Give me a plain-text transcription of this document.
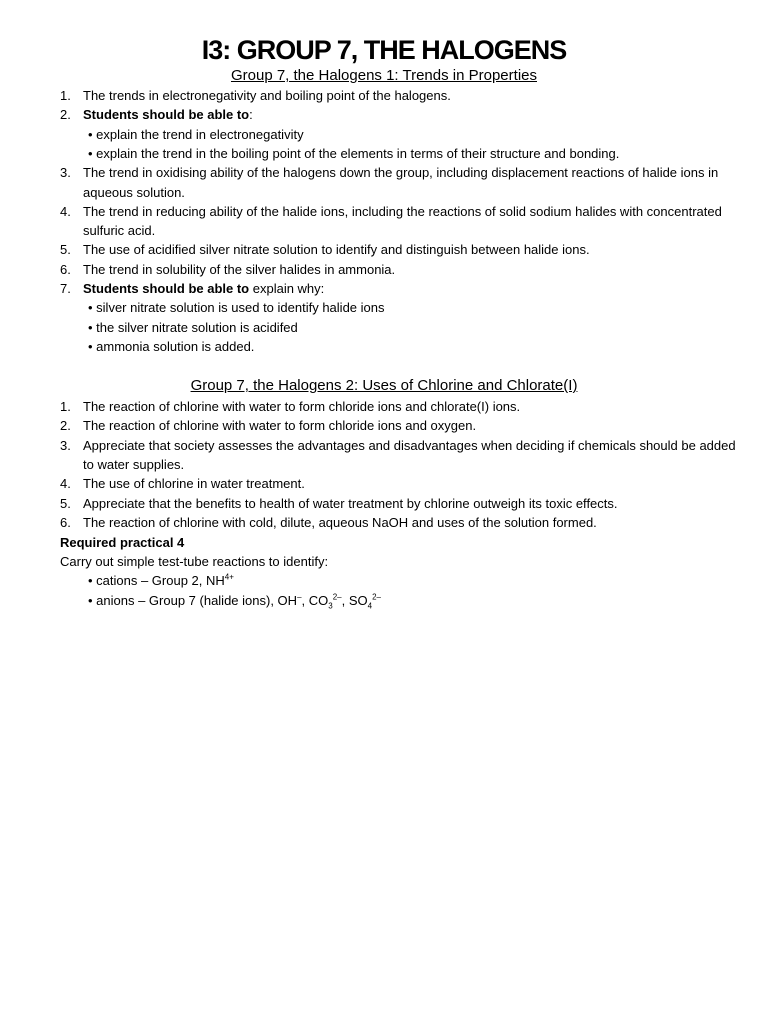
I3: GROUP 7, THE HALOGENS
Group 7, the Halogens 1: Trends in Properties
1. The trends in electronegativity and boiling point of the halogens.
2. Students should be able to:
• explain the trend in electronegativity
• explain the trend in the boiling point of the elements in terms of their structure and bonding.
3. The trend in oxidising ability of the halogens down the group, including displacement reactions of halide ions in
aqueous solution.
4. The trend in reducing ability of the halide ions, including the reactions of solid sodium halides with concentrated
sulfuric acid.
5. The use of acidified silver nitrate solution to identify and distinguish between halide ions.
6. The trend in solubility of the silver halides in ammonia.
7. Students should be able to explain why:
• silver nitrate solution is used to identify halide ions
• the silver nitrate solution is acidifed
• ammonia solution is added.
Group 7, the Halogens 2: Uses of Chlorine and Chlorate(I)
1. The reaction of chlorine with water to form chloride ions and chlorate(I) ions.
2. The reaction of chlorine with water to form chloride ions and oxygen.
3. Appreciate that society assesses the advantages and disadvantages when deciding if chemicals should be added
to water supplies.
4. The use of chlorine in water treatment.
5. Appreciate that the benefits to health of water treatment by chlorine outweigh its toxic effects.
6. The reaction of chlorine with cold, dilute, aqueous NaOH and uses of the solution formed.
Required practical 4
Carry out simple test-tube reactions to identify:
• cations – Group 2, $NH^{4+}$
• anions – Group 7 (halide ions), OH–, $CO_3^{2-}$, $SO_4^{2-}$
